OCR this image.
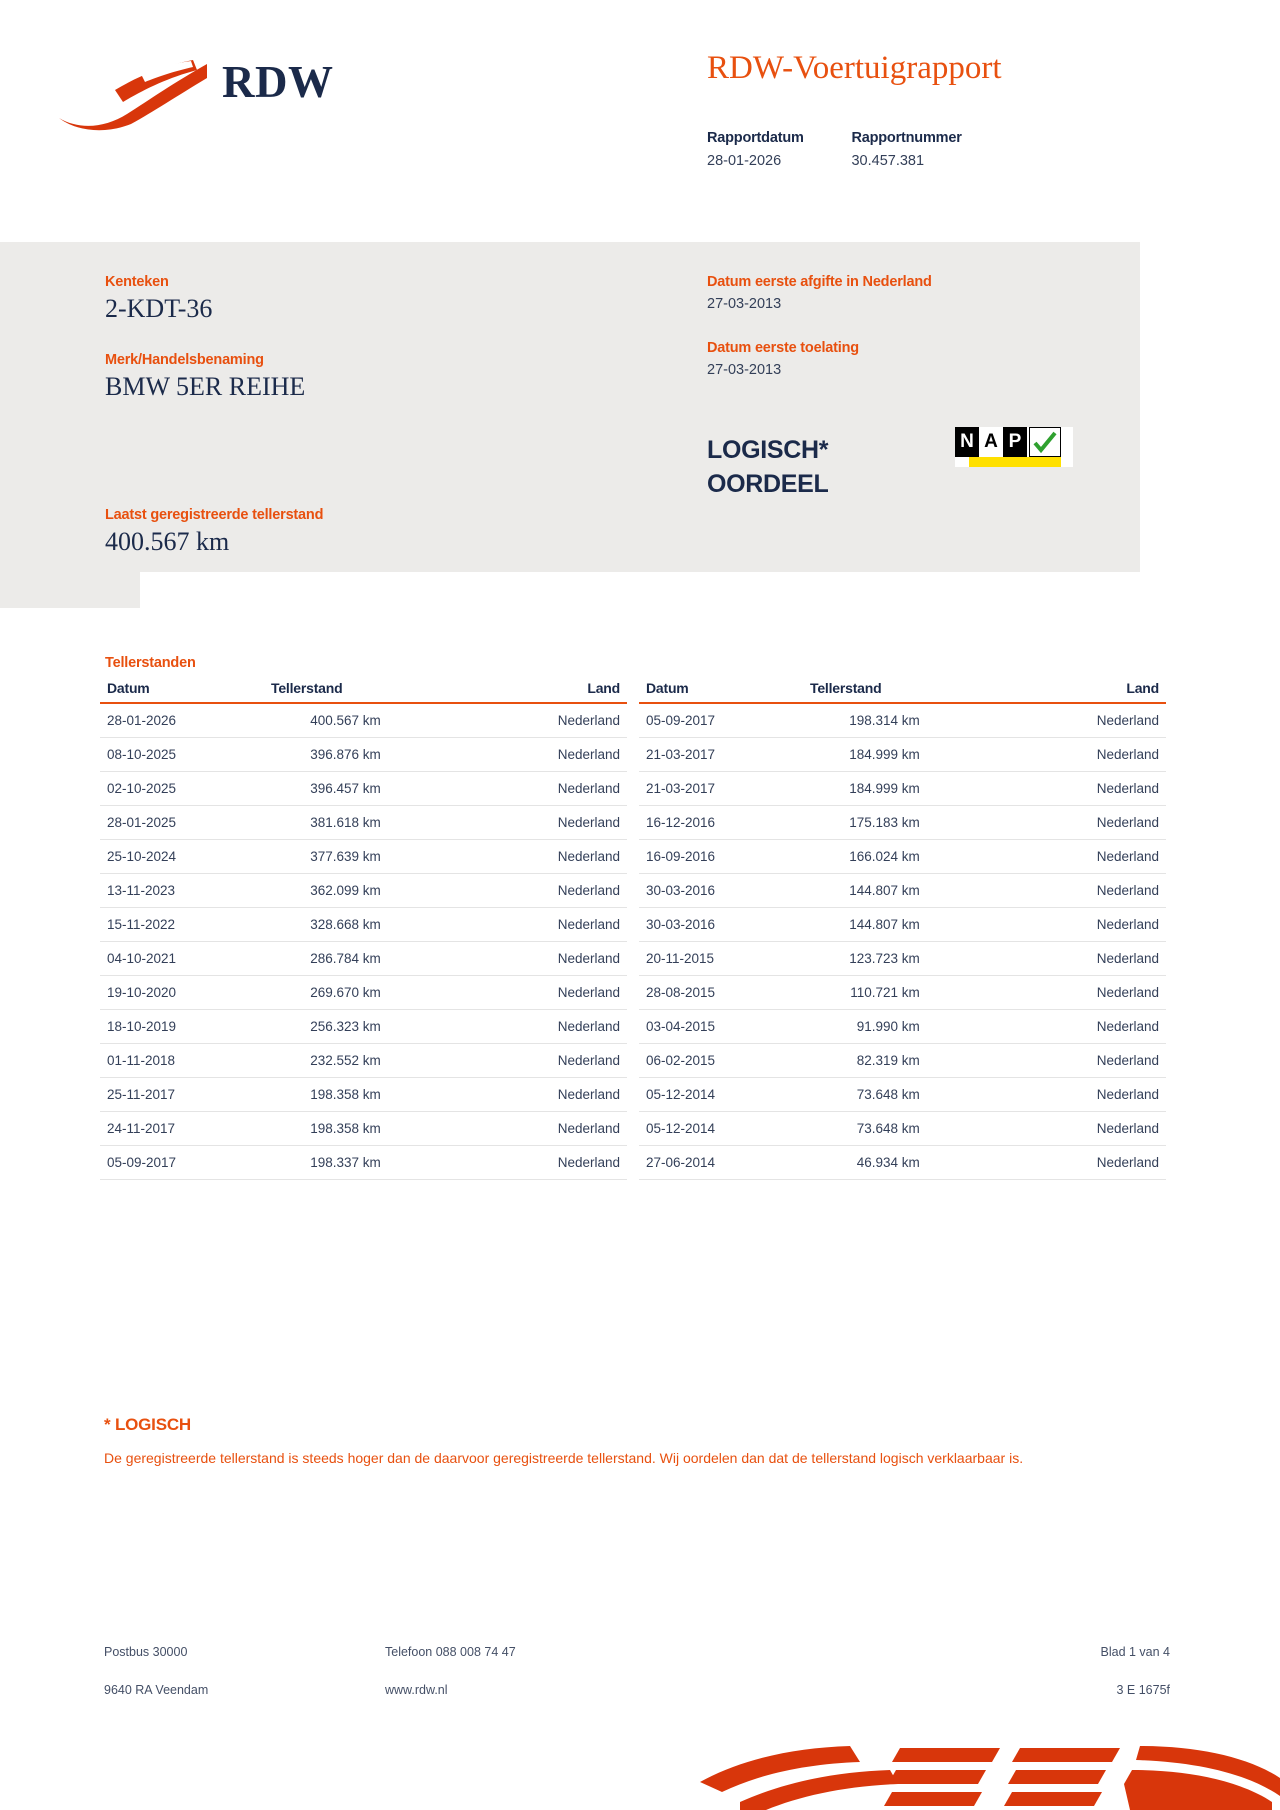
RDW	RDW-Voertuigrapport
Rapportdatum
28-01-2026

Rapportnummer
30.457.381
Kenteken
2-KDT-36
Merk/Handelsbenaming
BMW 5ER REIHE
Laatst geregistreerde tellerstand
400.567 km
Datum eerste afgifte in Nederland
27-03-2013
Datum eerste toelating
27-03-2013
LOGISCH*
OORDEEL
N A P
Tellerstanden
Datum	Tellerstand	Land
28-01-2026	400.567 km	Nederland
08-10-2025	396.876 km	Nederland
02-10-2025	396.457 km	Nederland
28-01-2025	381.618 km	Nederland
25-10-2024	377.639 km	Nederland
13-11-2023	362.099 km	Nederland
15-11-2022	328.668 km	Nederland
04-10-2021	286.784 km	Nederland
19-10-2020	269.670 km	Nederland
18-10-2019	256.323 km	Nederland
01-11-2018	232.552 km	Nederland
25-11-2017	198.358 km	Nederland
24-11-2017	198.358 km	Nederland
05-09-2017	198.337 km	Nederland
Datum	Tellerstand	Land
05-09-2017	198.314 km	Nederland
21-03-2017	184.999 km	Nederland
21-03-2017	184.999 km	Nederland
16-12-2016	175.183 km	Nederland
16-09-2016	166.024 km	Nederland
30-03-2016	144.807 km	Nederland
30-03-2016	144.807 km	Nederland
20-11-2015	123.723 km	Nederland
28-08-2015	110.721 km	Nederland
03-04-2015	91.990 km	Nederland
06-02-2015	82.319 km	Nederland
05-12-2014	73.648 km	Nederland
05-12-2014	73.648 km	Nederland
27-06-2014	46.934 km	Nederland
* LOGISCH
De geregistreerde tellerstand is steeds hoger dan de daarvoor geregistreerde tellerstand. Wij oordelen dan dat de tellerstand logisch verklaarbaar is.
Postbus 30000
9640 RA Veendam
Telefoon 088 008 74 47
www.rdw.nl
Blad 1 van 4
3 E 1675f
